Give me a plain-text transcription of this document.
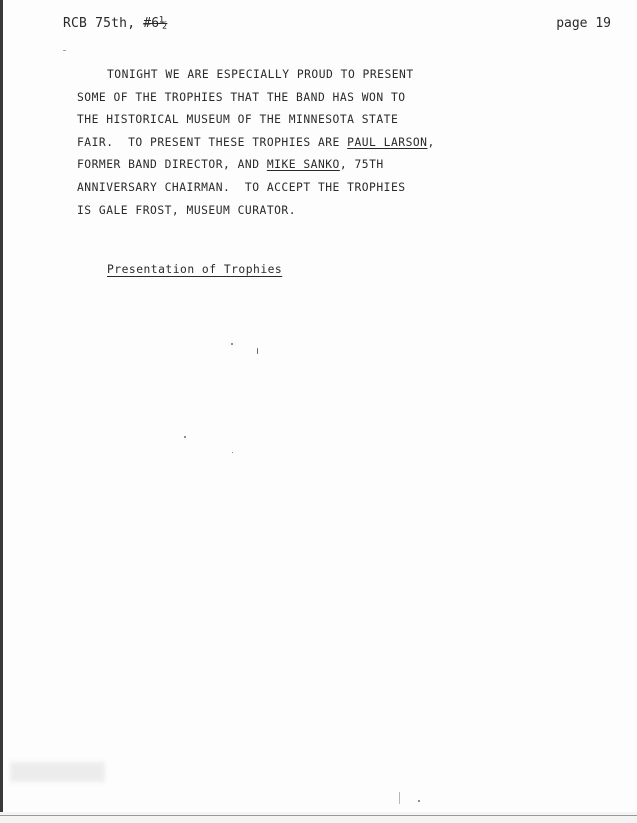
RCB 75th, #6½	page 19
TONIGHT WE ARE ESPECIALLY PROUD TO PRESENT
SOME OF THE TROPHIES THAT THE BAND HAS WON TO
THE HISTORICAL MUSEUM OF THE MINNESOTA STATE
FAIR.  TO PRESENT THESE TROPHIES ARE PAUL LARSON,
FORMER BAND DIRECTOR, AND MIKE SANKO, 75TH
ANNIVERSARY CHAIRMAN.  TO ACCEPT THE TROPHIES
IS GALE FROST, MUSEUM CURATOR.
Presentation of Trophies
